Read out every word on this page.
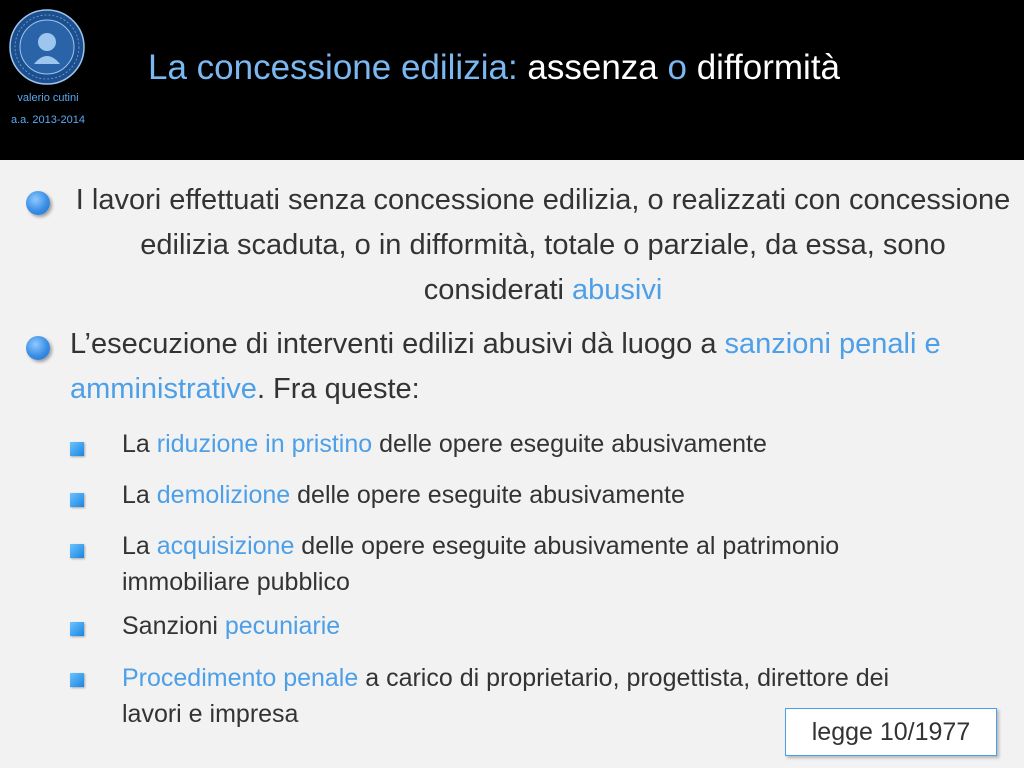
valerio cutini
a.a. 2013-2014
La concessione edilizia: assenza o difformità
I lavori effettuati senza concessione edilizia, o realizzati con concessione edilizia scaduta, o in difformità, totale o parziale, da essa, sono considerati abusivi
L’esecuzione di interventi edilizi abusivi dà luogo a sanzioni penali e amministrative. Fra queste:
La riduzione in pristino delle opere eseguite abusivamente
La demolizione delle opere eseguite abusivamente
La acquisizione delle opere eseguite abusivamente al patrimonio immobiliare pubblico
Sanzioni pecuniarie
Procedimento penale a carico di proprietario, progettista, direttore dei lavori e impresa
legge 10/1977
